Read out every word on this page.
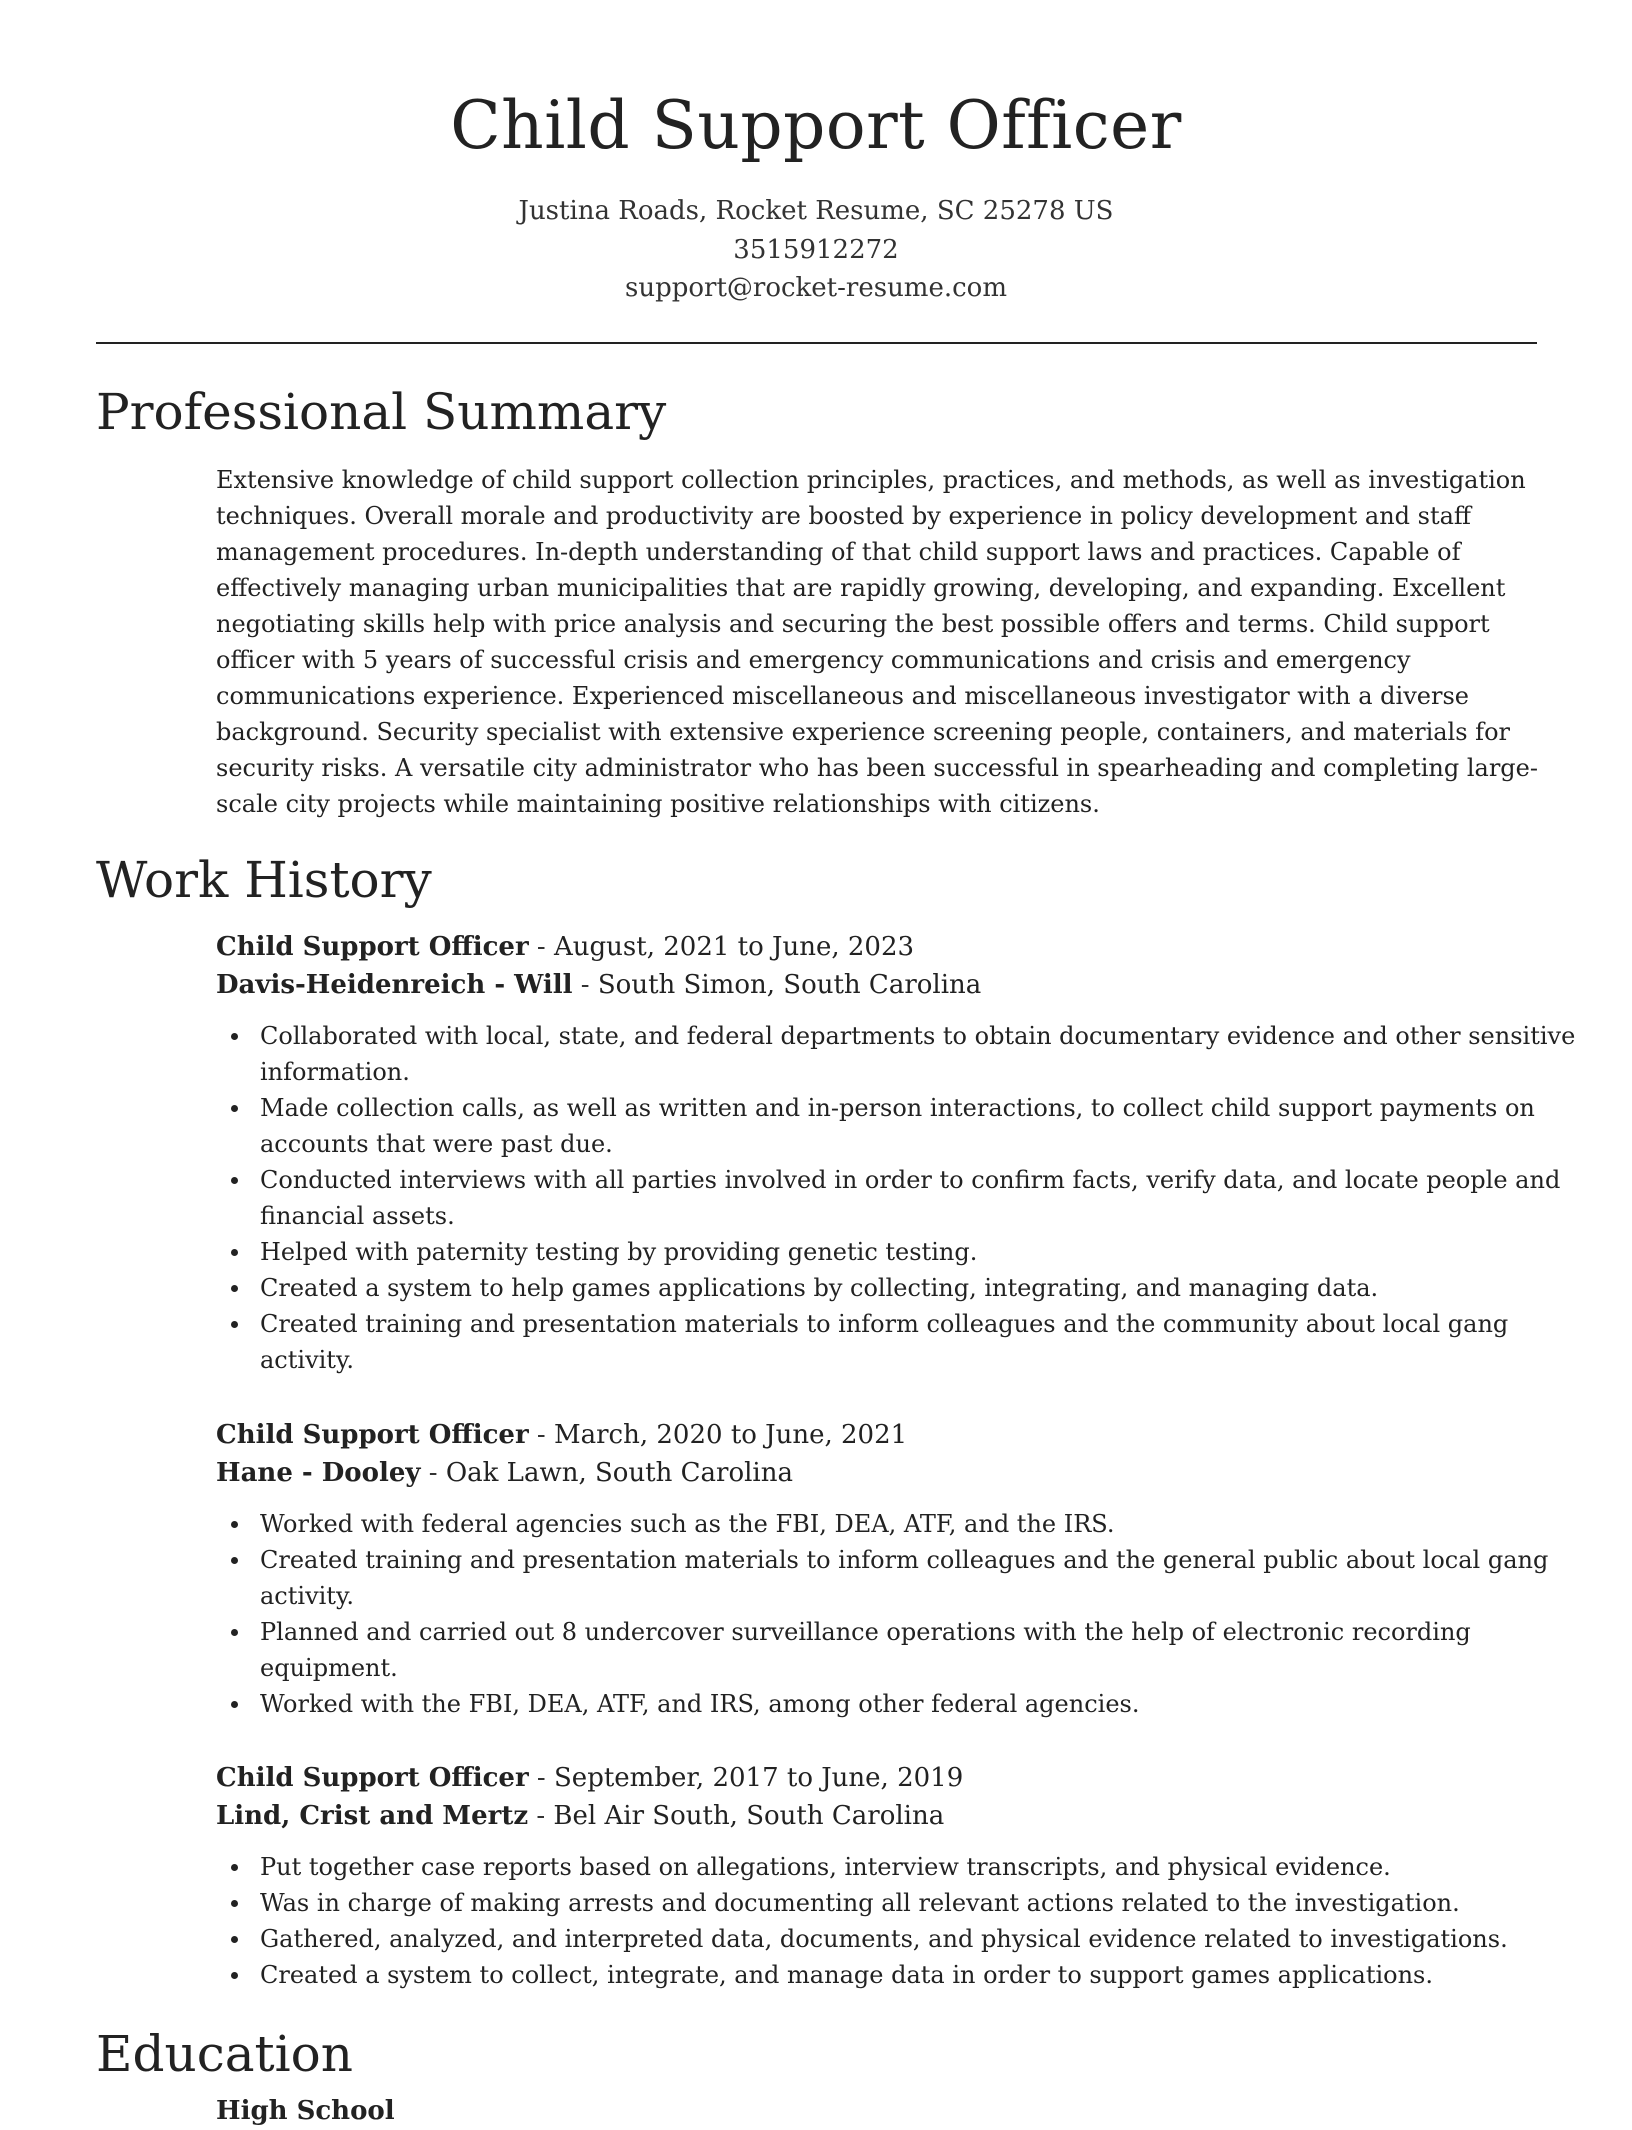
Child Support Officer
Justina Roads, Rocket Resume, SC 25278 US
3515912272
support@rocket-resume.com
Professional Summary

Extensive knowledge of child support collection principles, practices, and methods, as well as investigation
techniques. Overall morale and productivity are boosted by experience in policy development and staff
management procedures. In-depth understanding of that child support laws and practices. Capable of
effectively managing urban municipalities that are rapidly growing, developing, and expanding. Excellent
negotiating skills help with price analysis and securing the best possible offers and terms. Child support
officer with 5 years of successful crisis and emergency communications and crisis and emergency
communications experience. Experienced miscellaneous and miscellaneous investigator with a diverse
background. Security specialist with extensive experience screening people, containers, and materials for
security risks. A versatile city administrator who has been successful in spearheading and completing large-
scale city projects while maintaining positive relationships with citizens.

Work History
Child Support Officer - August, 2021 to June, 2023
Davis-Heidenreich - Will - South Simon, South Carolina
Collaborated with local, state, and federal departments to obtain documentary evidence and other sensitive
information.
Made collection calls, as well as written and in-person interactions, to collect child support payments on
accounts that were past due.
Conducted interviews with all parties involved in order to confirm facts, verify data, and locate people and
financial assets.
Helped with paternity testing by providing genetic testing.
Created a system to help games applications by collecting, integrating, and managing data.
Created training and presentation materials to inform colleagues and the community about local gang
activity.
Child Support Officer - March, 2020 to June, 2021
Hane - Dooley - Oak Lawn, South Carolina
Worked with federal agencies such as the FBI, DEA, ATF, and the IRS.
Created training and presentation materials to inform colleagues and the general public about local gang
activity.
Planned and carried out 8 undercover surveillance operations with the help of electronic recording
equipment.
Worked with the FBI, DEA, ATF, and IRS, among other federal agencies.
Child Support Officer - September, 2017 to June, 2019
Lind, Crist and Mertz - Bel Air South, South Carolina
Put together case reports based on allegations, interview transcripts, and physical evidence.
Was in charge of making arrests and documenting all relevant actions related to the investigation.
Gathered, analyzed, and interpreted data, documents, and physical evidence related to investigations.
Created a system to collect, integrate, and manage data in order to support games applications.
Education
High School
